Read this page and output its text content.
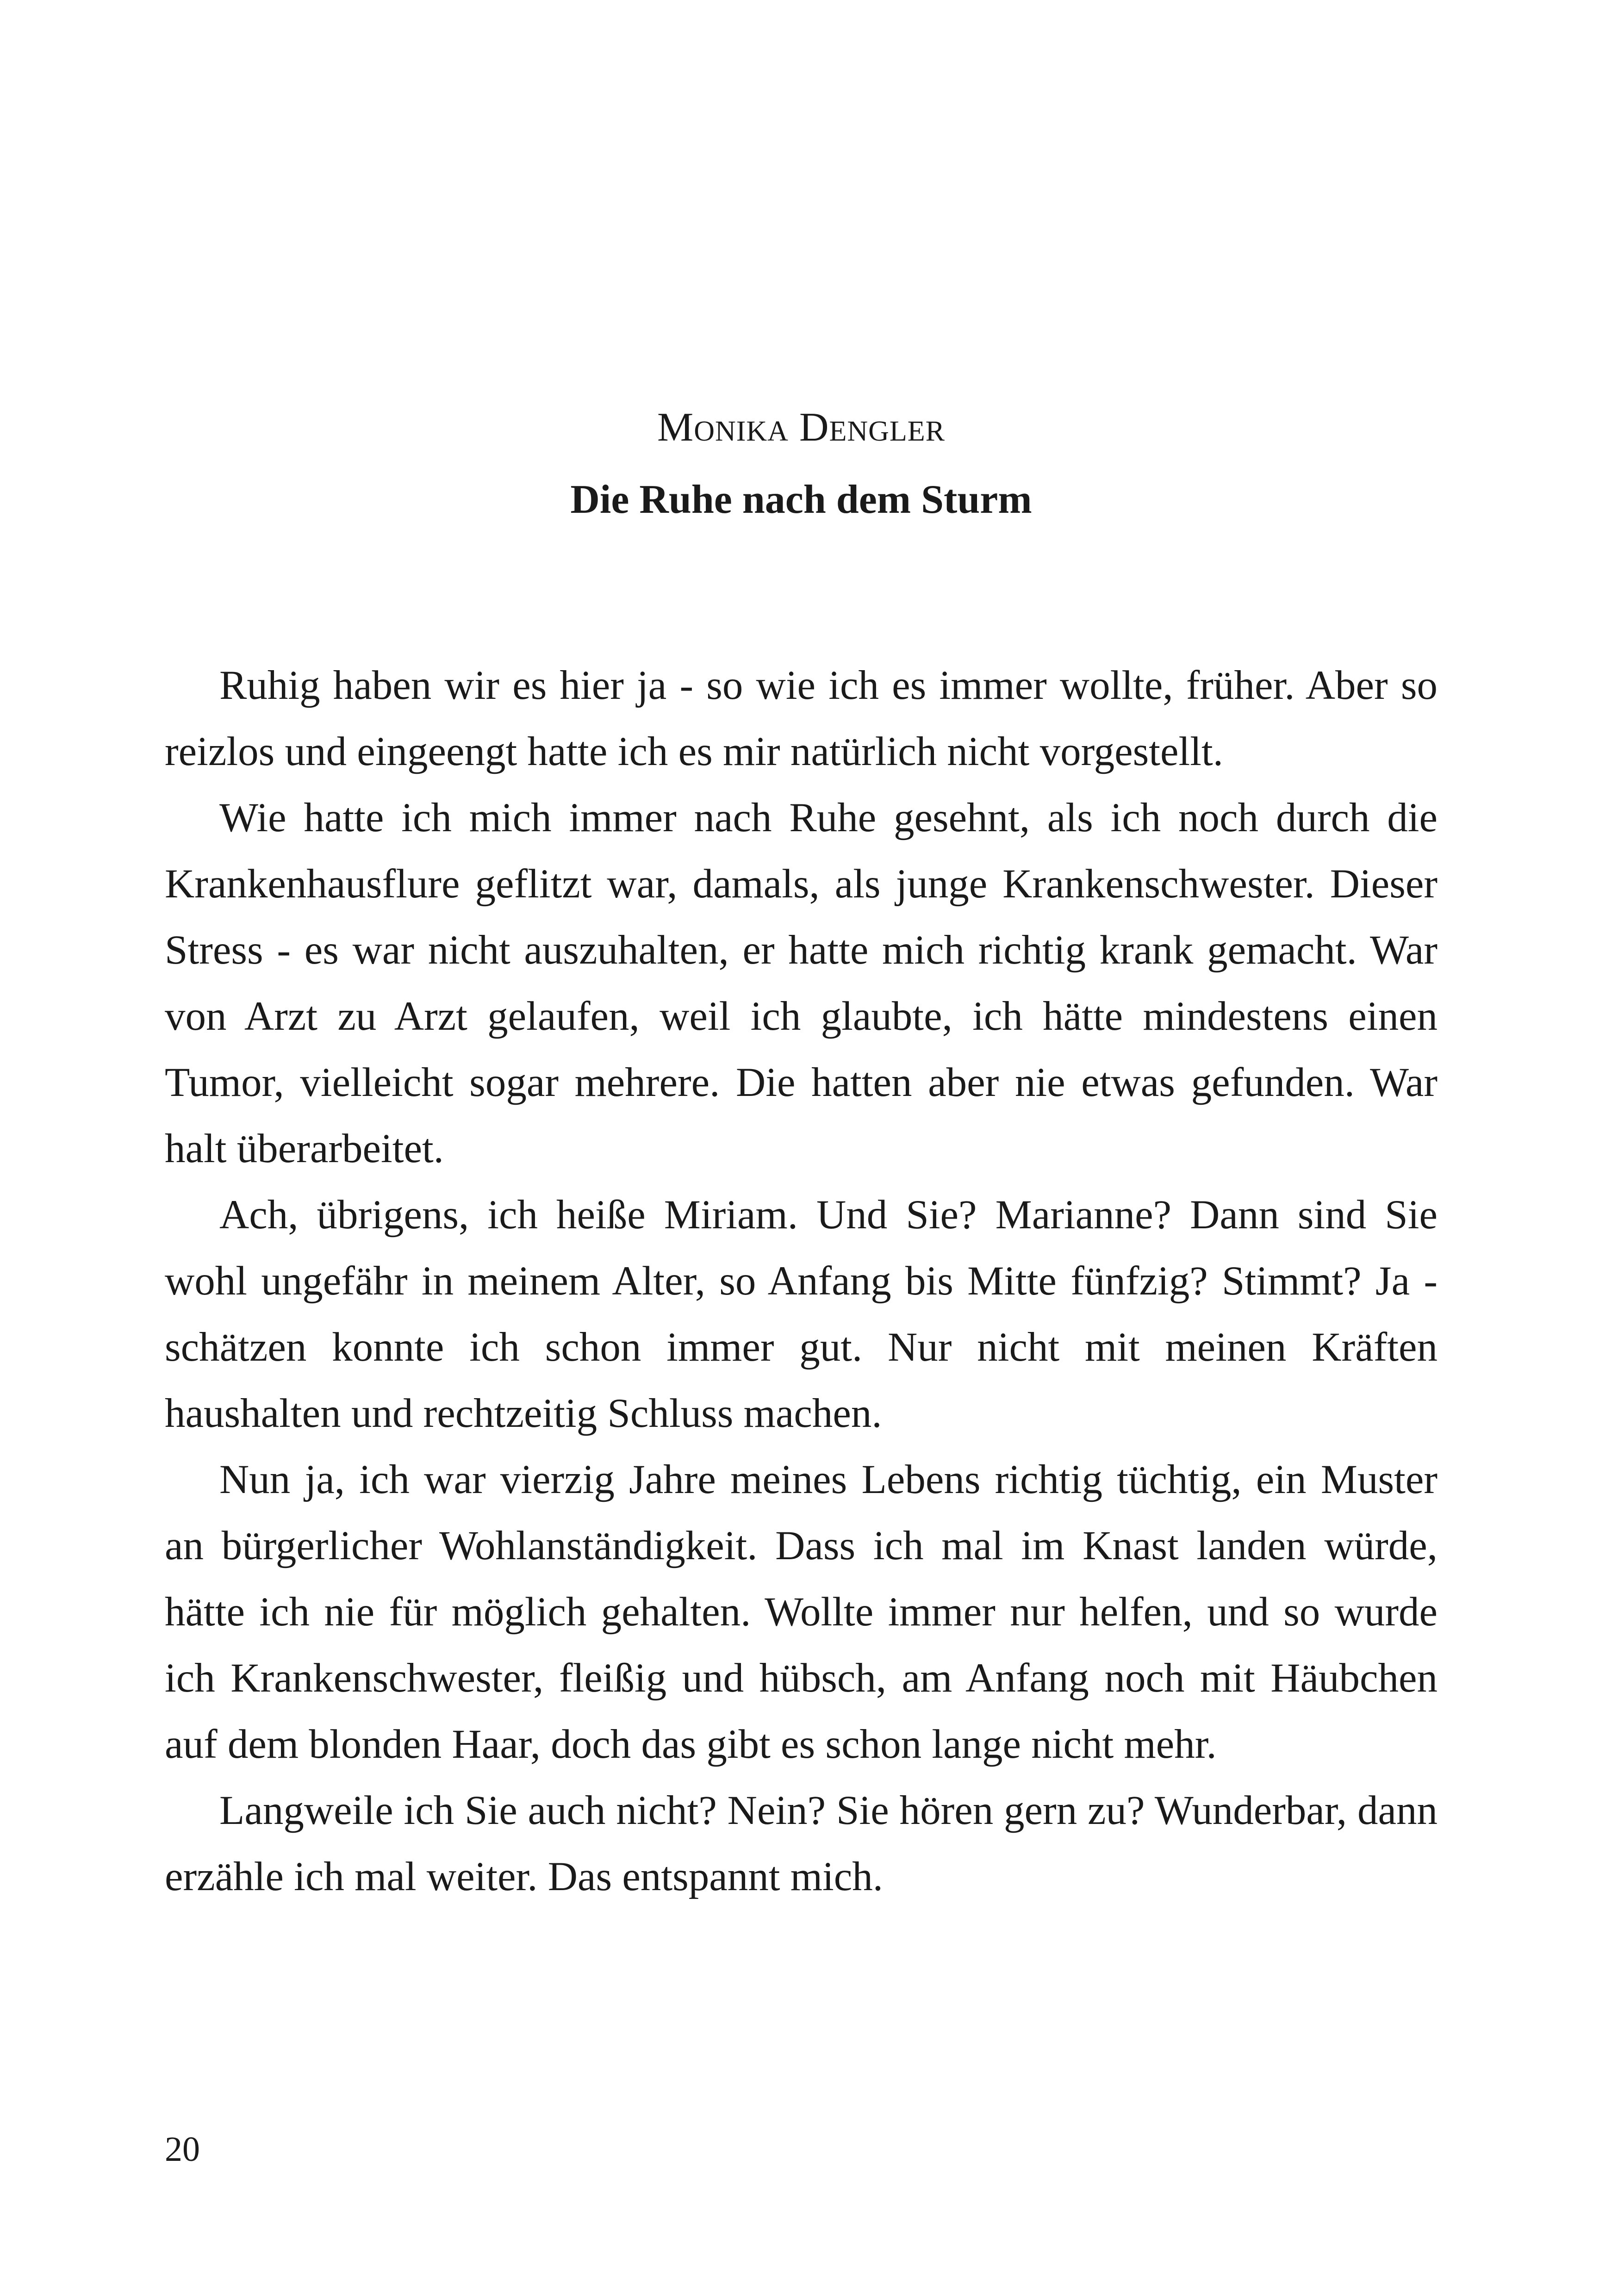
Monika Dengler

Die Ruhe nach dem Sturm

Ruhig haben wir es hier ja - so wie ich es immer wollte, früher. Aber so reizlos und eingeengt hatte ich es mir natürlich nicht vorgestellt.

Wie hatte ich mich immer nach Ruhe gesehnt, als ich noch durch die Krankenhausflure geflitzt war, damals, als junge Krankenschwester. Dieser Stress - es war nicht auszuhalten, er hatte mich richtig krank gemacht. War von Arzt zu Arzt gelaufen, weil ich glaubte, ich hätte mindestens einen Tumor, vielleicht sogar mehrere. Die hatten aber nie etwas gefunden. War halt überarbeitet.

Ach, übrigens, ich heiße Miriam. Und Sie? Marianne? Dann sind Sie wohl ungefähr in meinem Alter, so Anfang bis Mitte fünfzig? Stimmt? Ja - schätzen konnte ich schon immer gut. Nur nicht mit meinen Kräften haushalten und rechtzeitig Schluss machen.

Nun ja, ich war vierzig Jahre meines Lebens richtig tüchtig, ein Muster an bürgerlicher Wohlanständigkeit. Dass ich mal im Knast landen würde, hätte ich nie für möglich gehalten. Wollte immer nur helfen, und so wurde ich Krankenschwester, fleißig und hübsch, am Anfang noch mit Häubchen auf dem blonden Haar, doch das gibt es schon lange nicht mehr.

Langweile ich Sie auch nicht? Nein? Sie hören gern zu? Wunderbar, dann erzähle ich mal weiter. Das entspannt mich.

20
